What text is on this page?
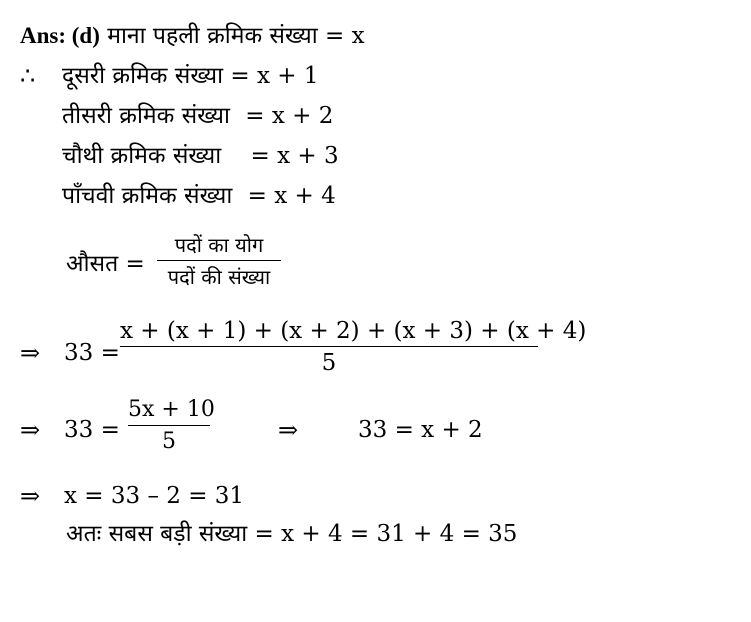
Ans: (d) माना पहली क्रमिक संख्या = x
∴ दूसरी क्रमिक संख्या = x + 1
तीसरी क्रमिक संख्या = x + 2
चौथी क्रमिक संख्या = x + 3
पाँचवी क्रमिक संख्या = x + 4
औसत =
पदों का योग
पदों की संख्या
⇒ 33 =
x + (x + 1) + (x + 2) + (x + 3) + (x + 4)
5
⇒ 33 =
5x + 10
5	⇒	33 = x + 2
⇒ x = 33 – 2 = 31
अतः सबस बड़ी संख्या = x + 4 = 31 + 4 = 35
